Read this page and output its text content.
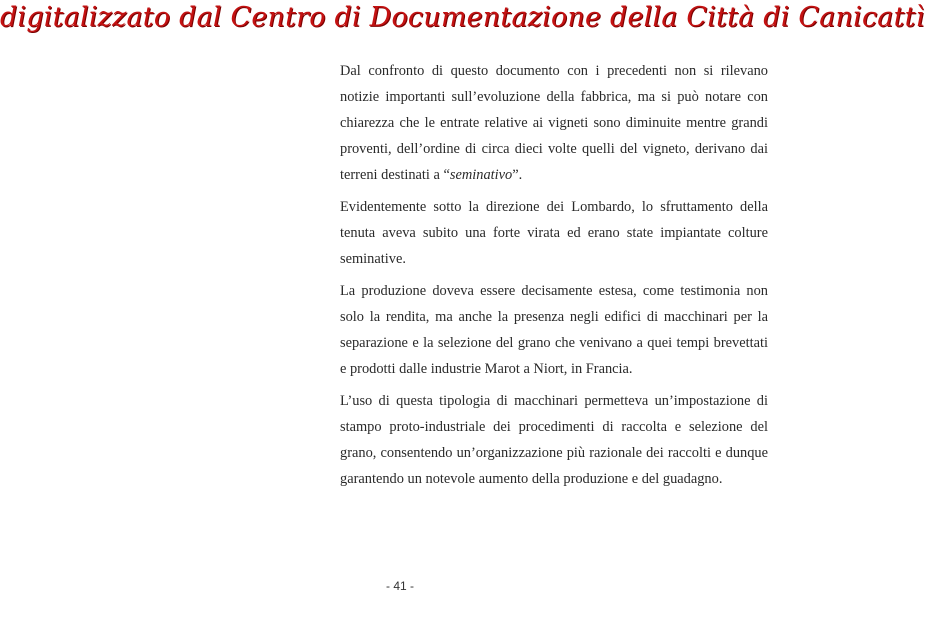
digitalizzato dal Centro di Documentazione della Città di Canicattì

Dal confronto di questo documento con i precedenti non si rilevano notizie importanti sull’evoluzione della fabbrica, ma si può notare con chiarezza che le entrate relative ai vigneti sono diminuite mentre grandi proventi, dell’ordine di circa dieci volte quelli del vigneto, derivano dai terreni destinati a “seminativo”.

Evidentemente sotto la direzione dei Lombardo, lo sfruttamento della tenuta aveva subito una forte virata ed erano state impiantate colture seminative.

La produzione doveva essere decisamente estesa, come testimonia non solo la rendita, ma anche la presenza negli edifici di macchinari per la separazione e la selezione del grano che venivano a quei tempi brevettati e prodotti dalle industrie Marot a Niort, in Francia.

L’uso di questa tipologia di macchinari permetteva un’impostazione di stampo proto-industriale dei procedimenti di raccolta e selezione del grano, consentendo un’organizzazione più razionale dei raccolti e dunque garantendo un notevole aumento della produzione e del guadagno.

- 41 -
